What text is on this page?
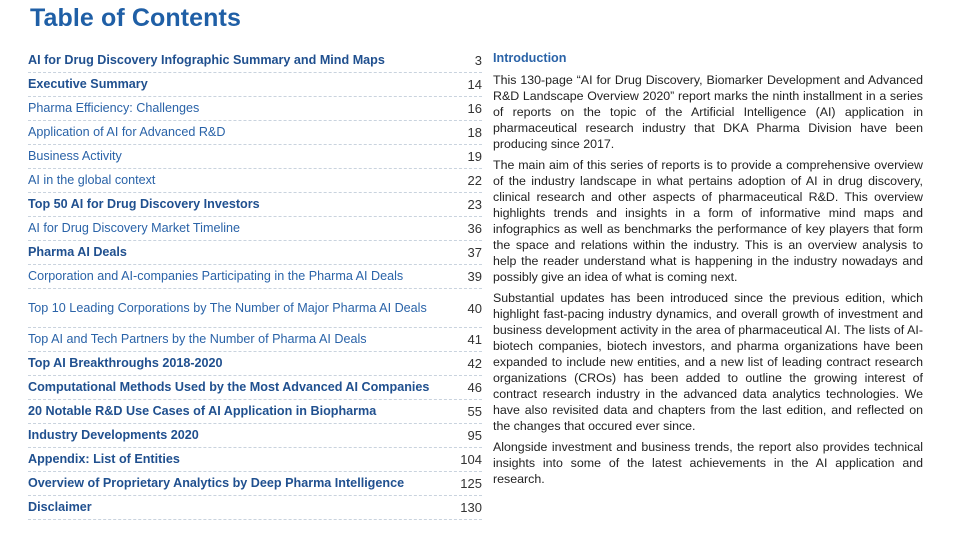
Table of Contents
AI for Drug Discovery Infographic Summary and Mind Maps	3
Executive Summary	14
Pharma Efficiency: Challenges	16
Application of AI for Advanced R&D	18
Business Activity	19
AI in the global context	22
Top 50 AI for Drug Discovery Investors	23
AI for Drug Discovery Market Timeline	36
Pharma AI Deals	37
Corporation and AI-companies Participating in the Pharma AI Deals	39
Top 10 Leading Corporations by The Number of Major Pharma AI Deals	40
Top AI and Tech Partners by the Number of Pharma AI Deals	41
Top AI Breakthroughs 2018-2020	42
Computational Methods Used by the Most Advanced AI Companies	46
20 Notable R&D Use Cases of AI Application in Biopharma	55
Industry Developments 2020	95
Appendix: List of Entities	104
Overview of Proprietary Analytics by Deep Pharma Intelligence	125
Disclaimer	130
Introduction

This 130-page “AI for Drug Discovery, Biomarker Development and Advanced R&D Landscape Overview 2020” report marks the ninth installment in a series of reports on the topic of the Artificial Intelligence (AI) application in pharmaceutical research industry that DKA Pharma Division have been producing since 2017.

The main aim of this series of reports is to provide a comprehensive overview of the industry landscape in what pertains adoption of AI in drug discovery, clinical research and other aspects of pharmaceutical R&D. This overview highlights trends and insights in a form of informative mind maps and infographics as well as benchmarks the performance of key players that form the space and relations within the industry. This is an overview analysis to help the reader understand what is happening in the industry nowadays and possibly give an idea of what is coming next.

Substantial updates has been introduced since the previous edition, which highlight fast-pacing industry dynamics, and overall growth of investment and business development activity in the area of pharmaceutical AI. The lists of AI-biotech companies, biotech investors, and pharma organizations have been expanded to include new entities, and a new list of leading contract research organizations (CROs) has been added to outline the growing interest of contract research industry in the advanced data analytics technologies. We have also revisited data and chapters from the last edition, and reflected on the changes that occured ever since.

Alongside investment and business trends, the report also provides technical insights into some of the latest achievements in the AI application and research.
